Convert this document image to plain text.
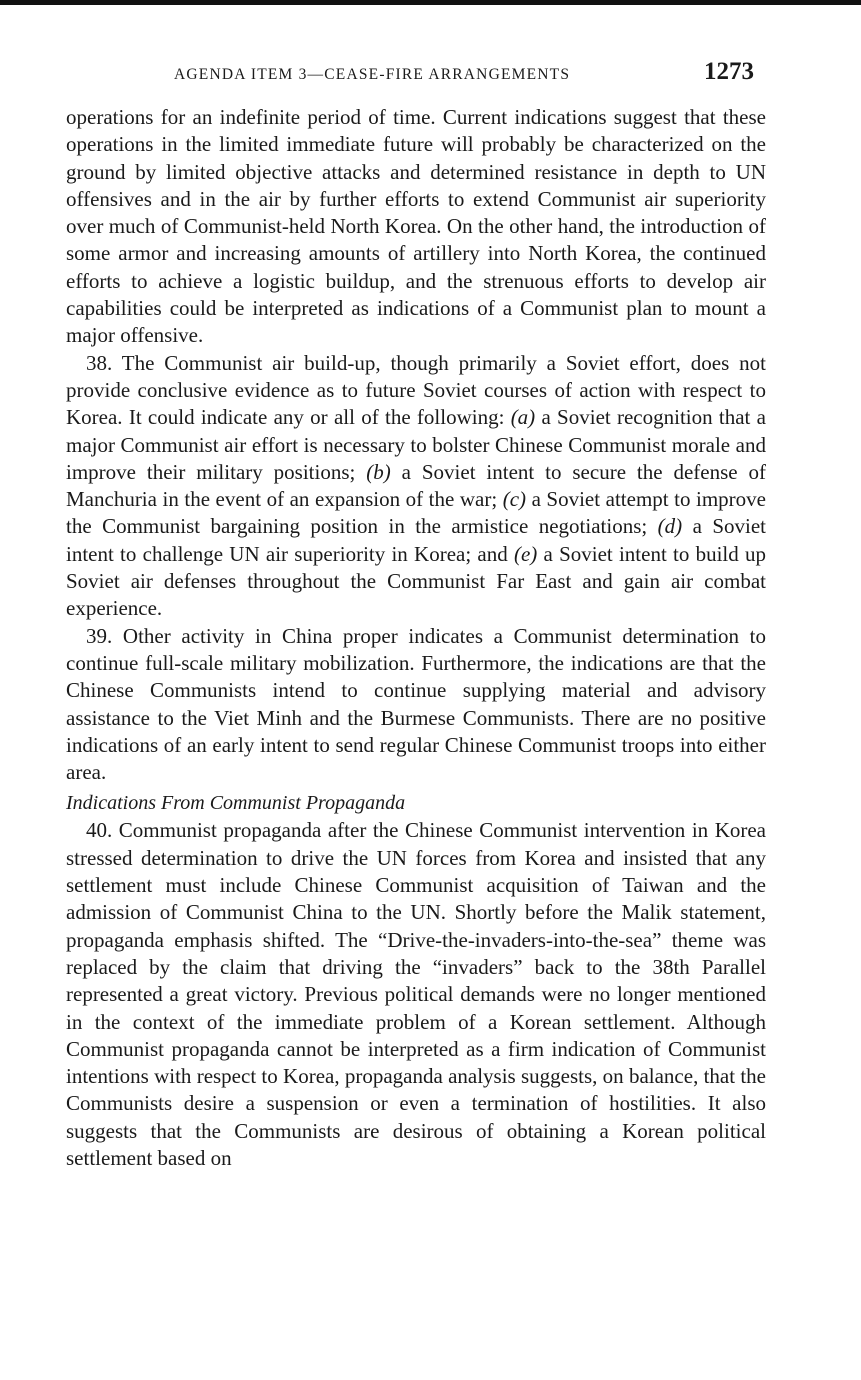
AGENDA ITEM 3—CEASE-FIRE ARRANGEMENTS	1273

operations for an indefinite period of time. Current indications suggest that these operations in the limited immediate future will probably be characterized on the ground by limited objective attacks and determined resistance in depth to UN offensives and in the air by further efforts to extend Communist air superiority over much of Communist-held North Korea. On the other hand, the introduction of some armor and increasing amounts of artillery into North Korea, the continued efforts to achieve a logistic buildup, and the strenuous efforts to develop air capabilities could be interpreted as indications of a Communist plan to mount a major offensive.

38. The Communist air build-up, though primarily a Soviet effort, does not provide conclusive evidence as to future Soviet courses of action with respect to Korea. It could indicate any or all of the following: (a) a Soviet recognition that a major Communist air effort is necessary to bolster Chinese Communist morale and improve their military positions; (b) a Soviet intent to secure the defense of Manchuria in the event of an expansion of the war; (c) a Soviet attempt to improve the Communist bargaining position in the armistice negotiations; (d) a Soviet intent to challenge UN air superiority in Korea; and (e) a Soviet intent to build up Soviet air defenses throughout the Communist Far East and gain air combat experience.

39. Other activity in China proper indicates a Communist determination to continue full-scale military mobilization. Furthermore, the indications are that the Chinese Communists intend to continue supplying material and advisory assistance to the Viet Minh and the Burmese Communists. There are no positive indications of an early intent to send regular Chinese Communist troops into either area.

Indications From Communist Propaganda

40. Communist propaganda after the Chinese Communist intervention in Korea stressed determination to drive the UN forces from Korea and insisted that any settlement must include Chinese Communist acquisition of Taiwan and the admission of Communist China to the UN. Shortly before the Malik statement, propaganda emphasis shifted. The “Drive-the-invaders-into-the-sea” theme was replaced by the claim that driving the “invaders” back to the 38th Parallel represented a great victory. Previous political demands were no longer mentioned in the context of the immediate problem of a Korean settlement. Although Communist propaganda cannot be interpreted as a firm indication of Communist intentions with respect to Korea, propaganda analysis suggests, on balance, that the Communists desire a suspension or even a termination of hostilities. It also suggests that the Communists are desirous of obtaining a Korean political settlement based on
